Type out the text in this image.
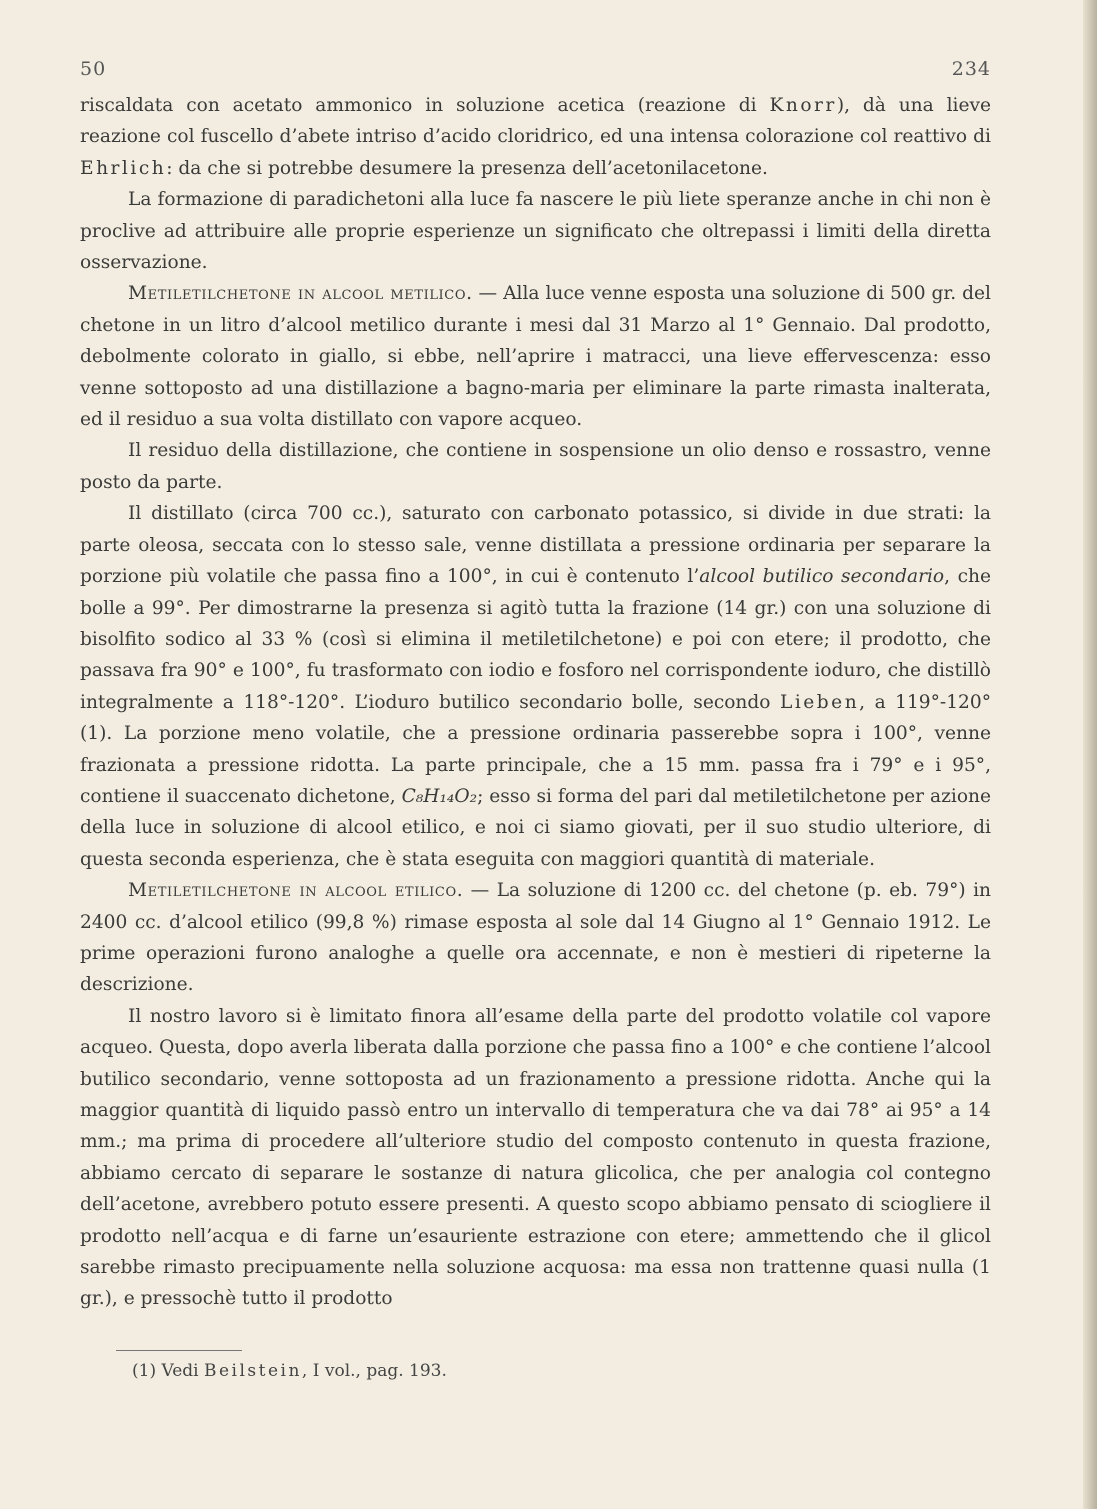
50	234

riscaldata con acetato ammonico in soluzione acetica (reazione di Knorr), dà una lieve reazione col fuscello d’abete intriso d’acido cloridrico, ed una intensa colorazione col reattivo di Ehrlich: da che si potrebbe desumere la presenza dell’acetonilacetone.

La formazione di paradichetoni alla luce fa nascere le più liete speranze anche in chi non è proclive ad attribuire alle proprie esperienze un significato che oltrepassi i limiti della diretta osservazione.

Metiletilchetone in alcool metilico. — Alla luce venne esposta una soluzione di 500 gr. del chetone in un litro d’alcool metilico durante i mesi dal 31 Marzo al 1° Gennaio. Dal prodotto, debolmente colorato in giallo, si ebbe, nell’aprire i matracci, una lieve effervescenza: esso venne sottoposto ad una distillazione a bagno-maria per eliminare la parte rimasta inalterata, ed il residuo a sua volta distillato con vapore acqueo.

Il residuo della distillazione, che contiene in sospensione un olio denso e rossastro, venne posto da parte.

Il distillato (circa 700 cc.), saturato con carbonato potassico, si divide in due strati: la parte oleosa, seccata con lo stesso sale, venne distillata a pressione ordinaria per separare la porzione più volatile che passa fino a 100°, in cui è contenuto l’alcool butilico secondario, che bolle a 99°. Per dimostrarne la presenza si agitò tutta la frazione (14 gr.) con una soluzione di bisolfito sodico al 33 % (così si elimina il metiletilchetone) e poi con etere; il prodotto, che passava fra 90° e 100°, fu trasformato con iodio e fosforo nel corrispondente ioduro, che distillò integralmente a 118°-120°. L’ioduro butilico secondario bolle, secondo Lieben, a 119°-120° (1). La porzione meno volatile, che a pressione ordinaria passerebbe sopra i 100°, venne frazionata a pressione ridotta. La parte principale, che a 15 mm. passa fra i 79° e i 95°, contiene il suaccenato dichetone, C₈H₁₄O₂; esso si forma del pari dal metiletilchetone per azione della luce in soluzione di alcool etilico, e noi ci siamo giovati, per il suo studio ulteriore, di questa seconda esperienza, che è stata eseguita con maggiori quantità di materiale.

Metiletilchetone in alcool etilico. — La soluzione di 1200 cc. del chetone (p. eb. 79°) in 2400 cc. d’alcool etilico (99,8 %) rimase esposta al sole dal 14 Giugno al 1° Gennaio 1912. Le prime operazioni furono analoghe a quelle ora accennate, e non è mestieri di ripeterne la descrizione.

Il nostro lavoro si è limitato finora all’esame della parte del prodotto volatile col vapore acqueo. Questa, dopo averla liberata dalla porzione che passa fino a 100° e che contiene l’alcool butilico secondario, venne sottoposta ad un frazionamento a pressione ridotta. Anche qui la maggior quantità di liquido passò entro un intervallo di temperatura che va dai 78° ai 95° a 14 mm.; ma prima di procedere all’ulteriore studio del composto contenuto in questa frazione, abbiamo cercato di separare le sostanze di natura glicolica, che per analogia col contegno dell’acetone, avrebbero potuto essere presenti. A questo scopo abbiamo pensato di sciogliere il prodotto nell’acqua e di farne un’esauriente estrazione con etere; ammettendo che il glicol sarebbe rimasto precipuamente nella soluzione acquosa: ma essa non trattenne quasi nulla (1 gr.), e pressochè tutto il prodotto

(1) Vedi Beilstein, I vol., pag. 193.
